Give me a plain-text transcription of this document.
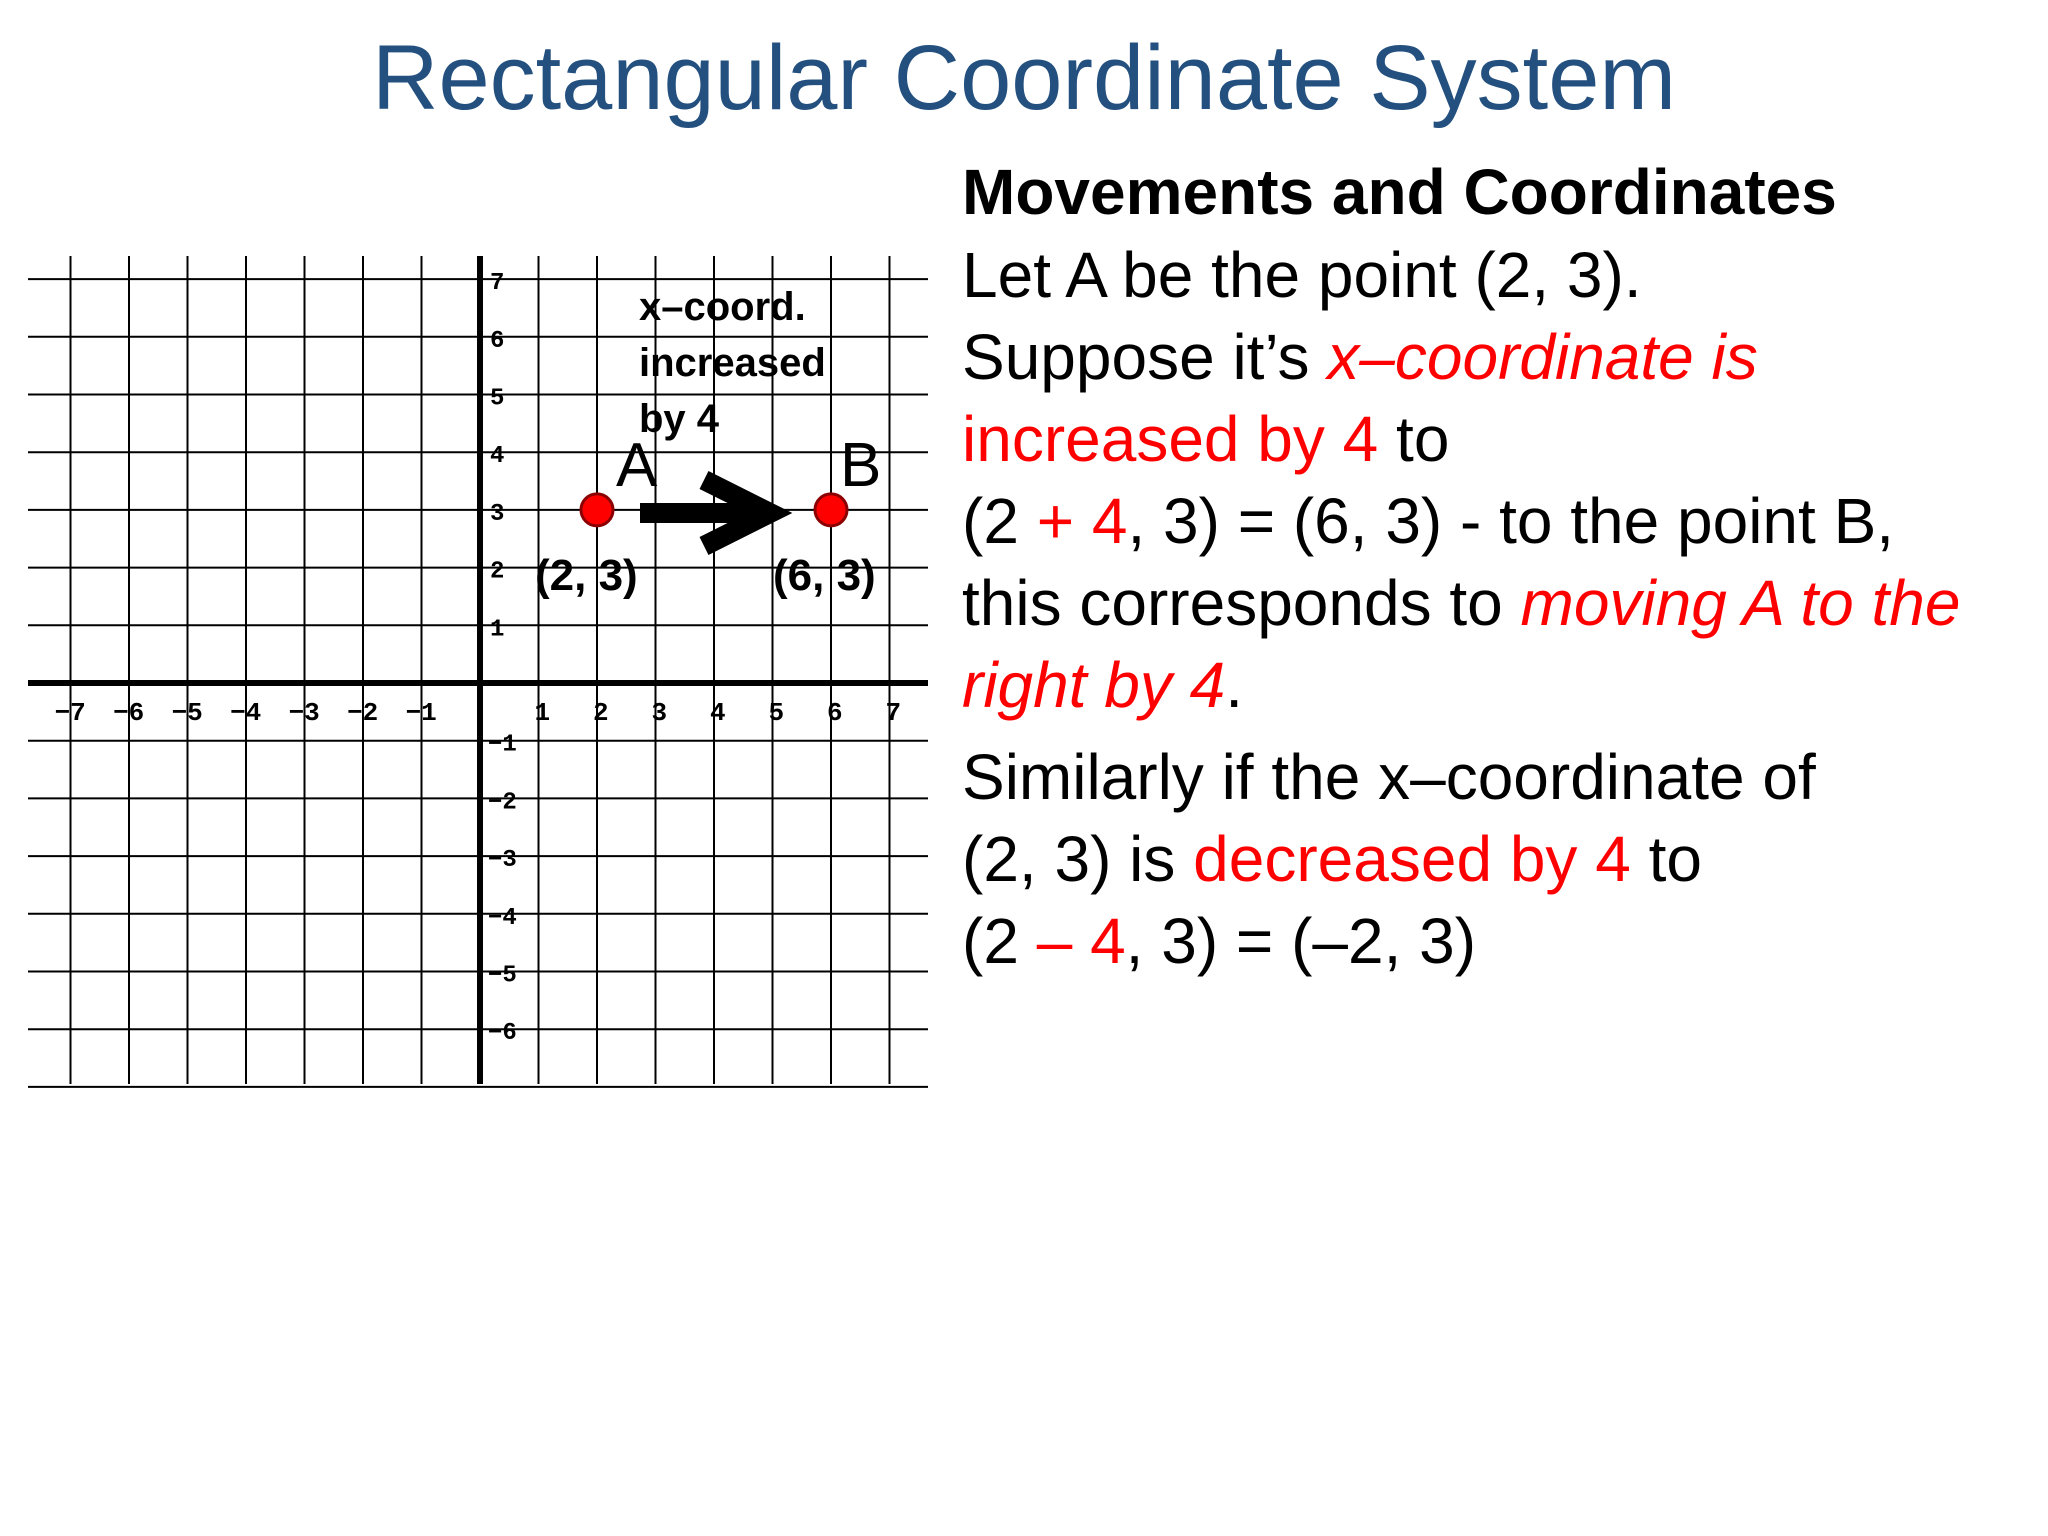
Rectangular Coordinate System
−7 −6 −5 −4 −3 −2 −1	1 2 3 4 5 6 7
7
6
5
4
3
2
1
−1
−2
−3
−4
−5
−6
x–coord.
increased
by 4
A	B
(2, 3)	(6, 3)
Movements and Coordinates
Let A be the point (2, 3).
Suppose it’s x–coordinate is
increased by 4 to
(2 + 4, 3) = (6, 3) - to the point B,
this corresponds to moving A to the
right by 4.
Similarly if the x–coordinate of
(2, 3) is decreased by 4 to
(2 – 4, 3) = (–2, 3)
